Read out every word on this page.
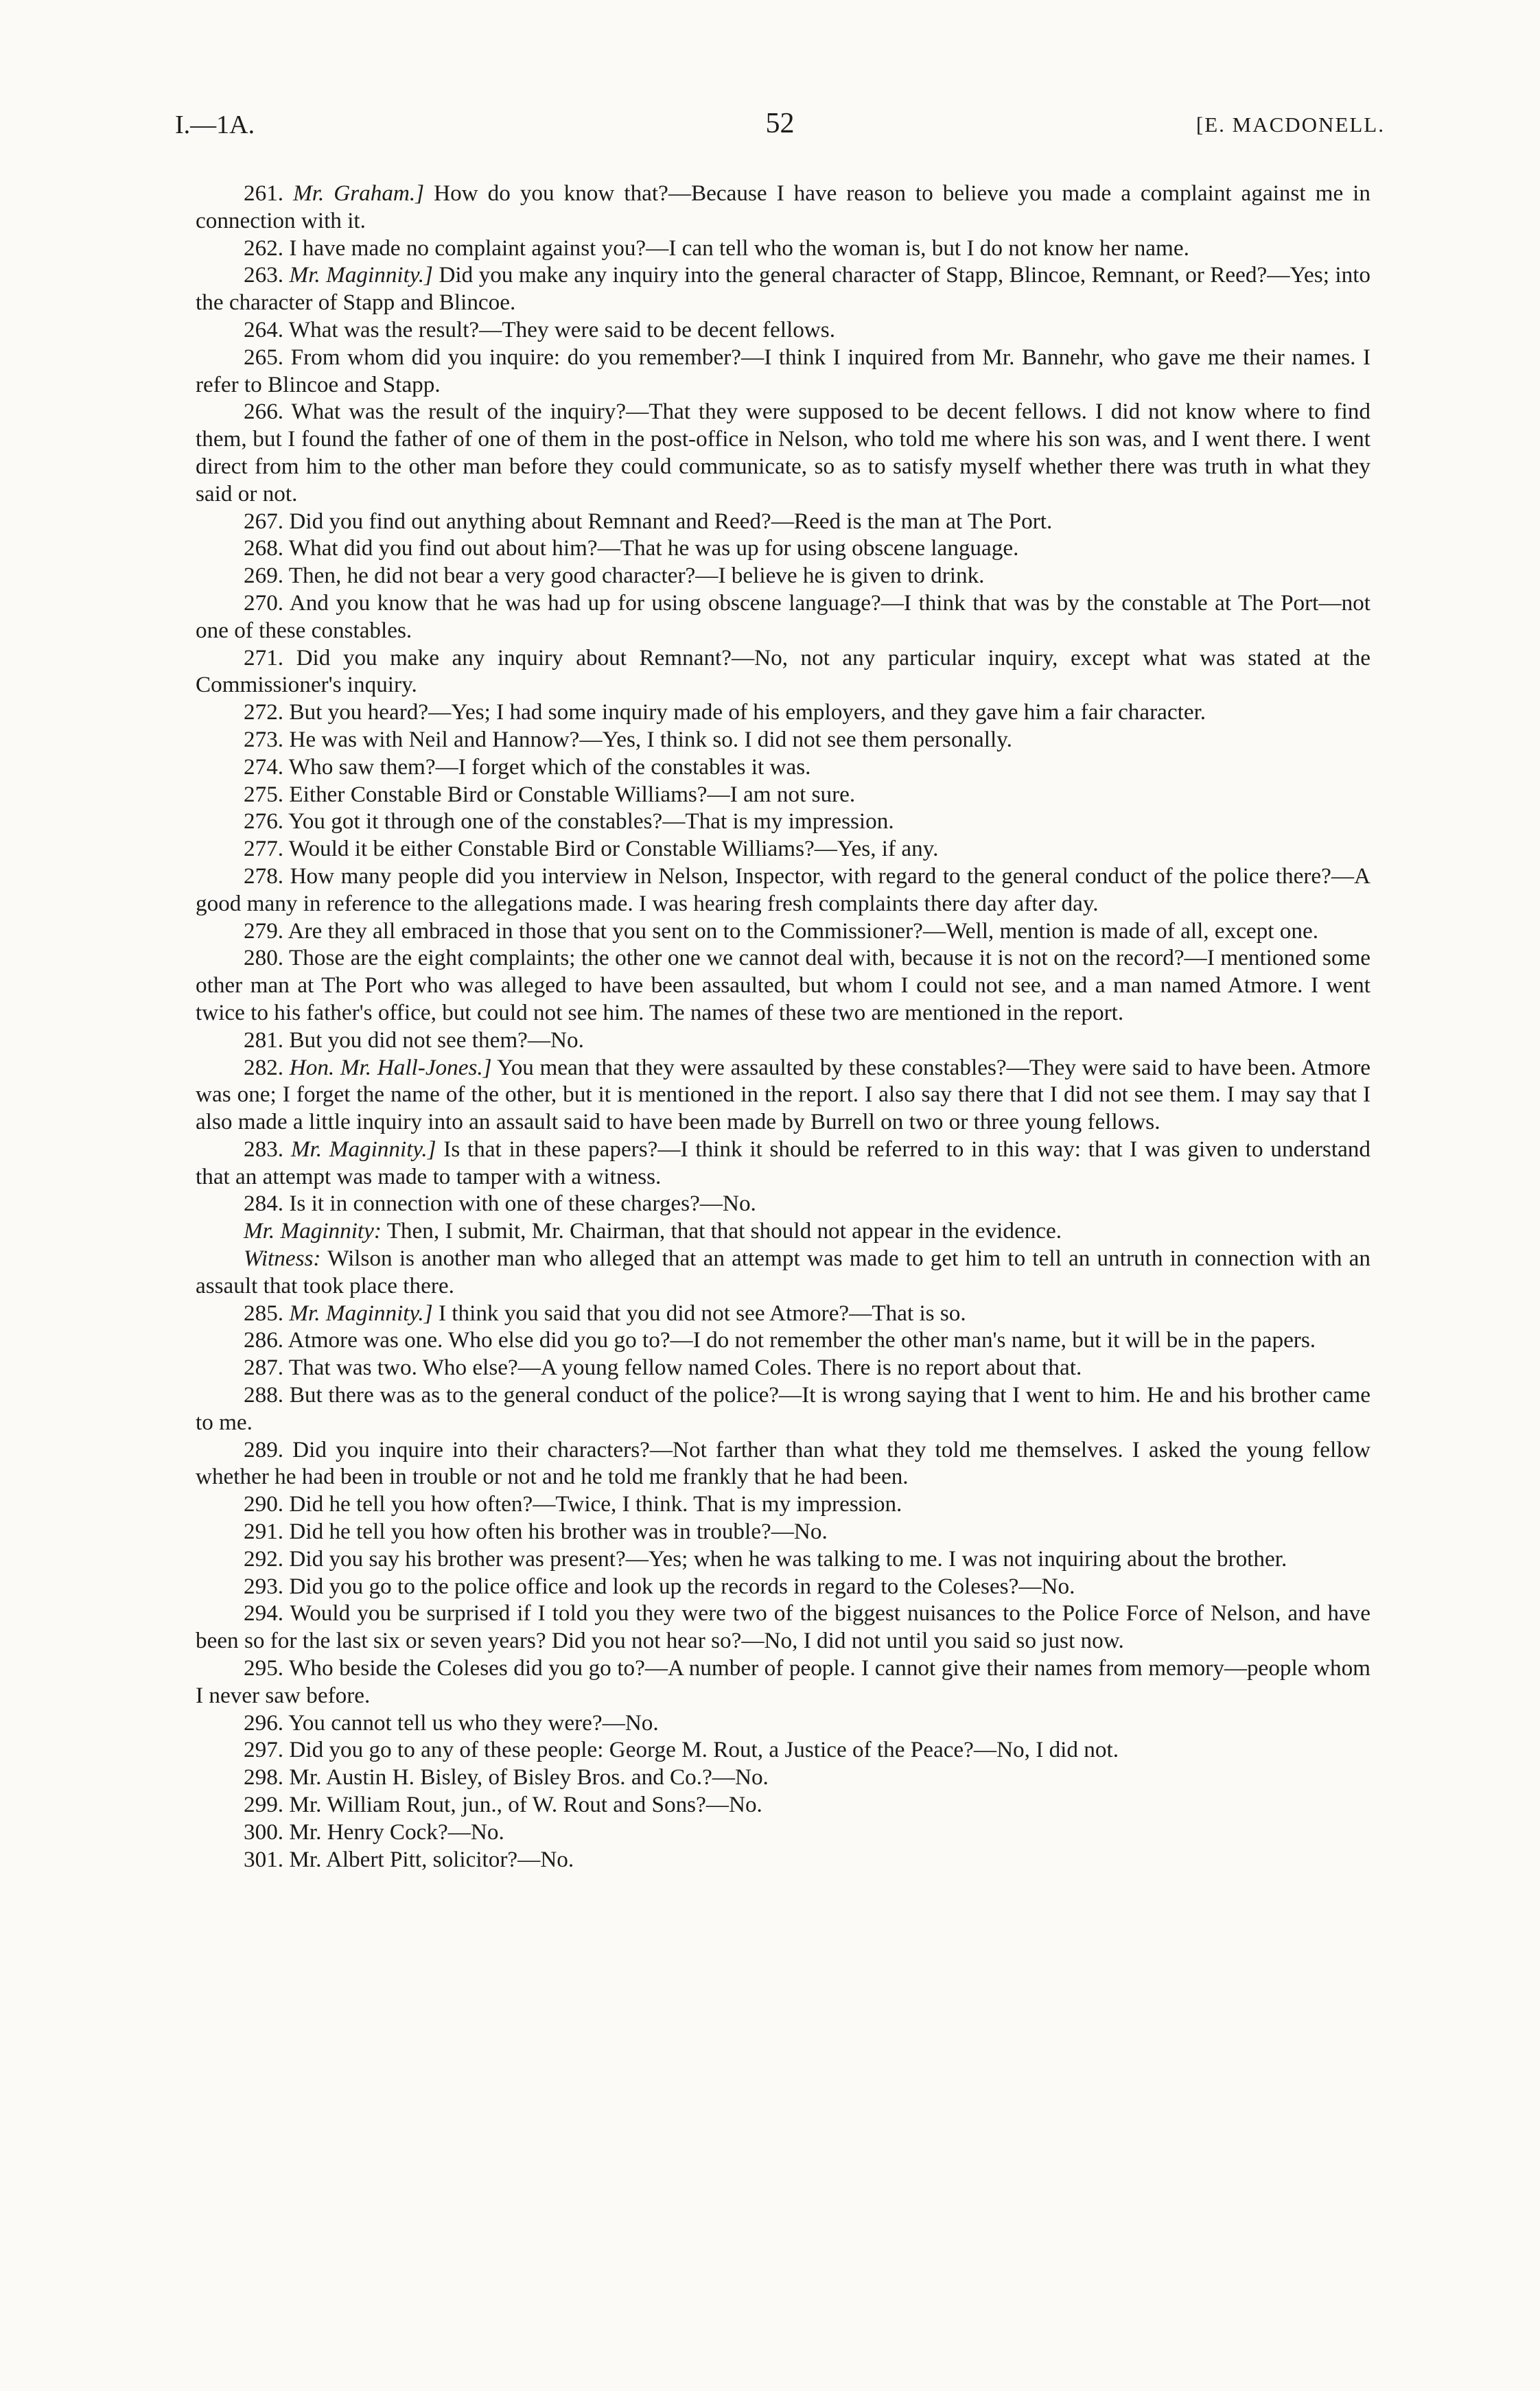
I.—1A.	52	[E. MACDONELL.

261. Mr. Graham.] How do you know that?—Because I have reason to believe you made a complaint against me in connection with it.

262. I have made no complaint against you?—I can tell who the woman is, but I do not know her name.

263. Mr. Maginnity.] Did you make any inquiry into the general character of Stapp, Blincoe, Remnant, or Reed?—Yes; into the character of Stapp and Blincoe.

264. What was the result?—They were said to be decent fellows.

265. From whom did you inquire: do you remember?—I think I inquired from Mr. Bannehr, who gave me their names. I refer to Blincoe and Stapp.

266. What was the result of the inquiry?—That they were supposed to be decent fellows. I did not know where to find them, but I found the father of one of them in the post-office in Nelson, who told me where his son was, and I went there. I went direct from him to the other man before they could communicate, so as to satisfy myself whether there was truth in what they said or not.

267. Did you find out anything about Remnant and Reed?—Reed is the man at The Port.

268. What did you find out about him?—That he was up for using obscene language.

269. Then, he did not bear a very good character?—I believe he is given to drink.

270. And you know that he was had up for using obscene language?—I think that was by the constable at The Port—not one of these constables.

271. Did you make any inquiry about Remnant?—No, not any particular inquiry, except what was stated at the Commissioner's inquiry.

272. But you heard?—Yes; I had some inquiry made of his employers, and they gave him a fair character.

273. He was with Neil and Hannow?—Yes, I think so. I did not see them personally.

274. Who saw them?—I forget which of the constables it was.

275. Either Constable Bird or Constable Williams?—I am not sure.

276. You got it through one of the constables?—That is my impression.

277. Would it be either Constable Bird or Constable Williams?—Yes, if any.

278. How many people did you interview in Nelson, Inspector, with regard to the general conduct of the police there?—A good many in reference to the allegations made. I was hearing fresh complaints there day after day.

279. Are they all embraced in those that you sent on to the Commissioner?—Well, mention is made of all, except one.

280. Those are the eight complaints; the other one we cannot deal with, because it is not on the record?—I mentioned some other man at The Port who was alleged to have been assaulted, but whom I could not see, and a man named Atmore. I went twice to his father's office, but could not see him. The names of these two are mentioned in the report.

281. But you did not see them?—No.

282. Hon. Mr. Hall-Jones.] You mean that they were assaulted by these constables?—They were said to have been. Atmore was one; I forget the name of the other, but it is mentioned in the report. I also say there that I did not see them. I may say that I also made a little inquiry into an assault said to have been made by Burrell on two or three young fellows.

283. Mr. Maginnity.] Is that in these papers?—I think it should be referred to in this way: that I was given to understand that an attempt was made to tamper with a witness.

284. Is it in connection with one of these charges?—No.

Mr. Maginnity: Then, I submit, Mr. Chairman, that that should not appear in the evidence.

Witness: Wilson is another man who alleged that an attempt was made to get him to tell an untruth in connection with an assault that took place there.

285. Mr. Maginnity.] I think you said that you did not see Atmore?—That is so.

286. Atmore was one. Who else did you go to?—I do not remember the other man's name, but it will be in the papers.

287. That was two. Who else?—A young fellow named Coles. There is no report about that.

288. But there was as to the general conduct of the police?—It is wrong saying that I went to him. He and his brother came to me.

289. Did you inquire into their characters?—Not farther than what they told me themselves. I asked the young fellow whether he had been in trouble or not and he told me frankly that he had been.

290. Did he tell you how often?—Twice, I think. That is my impression.

291. Did he tell you how often his brother was in trouble?—No.

292. Did you say his brother was present?—Yes; when he was talking to me. I was not inquiring about the brother.

293. Did you go to the police office and look up the records in regard to the Coleses?—No.

294. Would you be surprised if I told you they were two of the biggest nuisances to the Police Force of Nelson, and have been so for the last six or seven years? Did you not hear so?—No, I did not until you said so just now.

295. Who beside the Coleses did you go to?—A number of people. I cannot give their names from memory—people whom I never saw before.

296. You cannot tell us who they were?—No.

297. Did you go to any of these people: George M. Rout, a Justice of the Peace?—No, I did not.

298. Mr. Austin H. Bisley, of Bisley Bros. and Co.?—No.

299. Mr. William Rout, jun., of W. Rout and Sons?—No.

300. Mr. Henry Cock?—No.

301. Mr. Albert Pitt, solicitor?—No.
